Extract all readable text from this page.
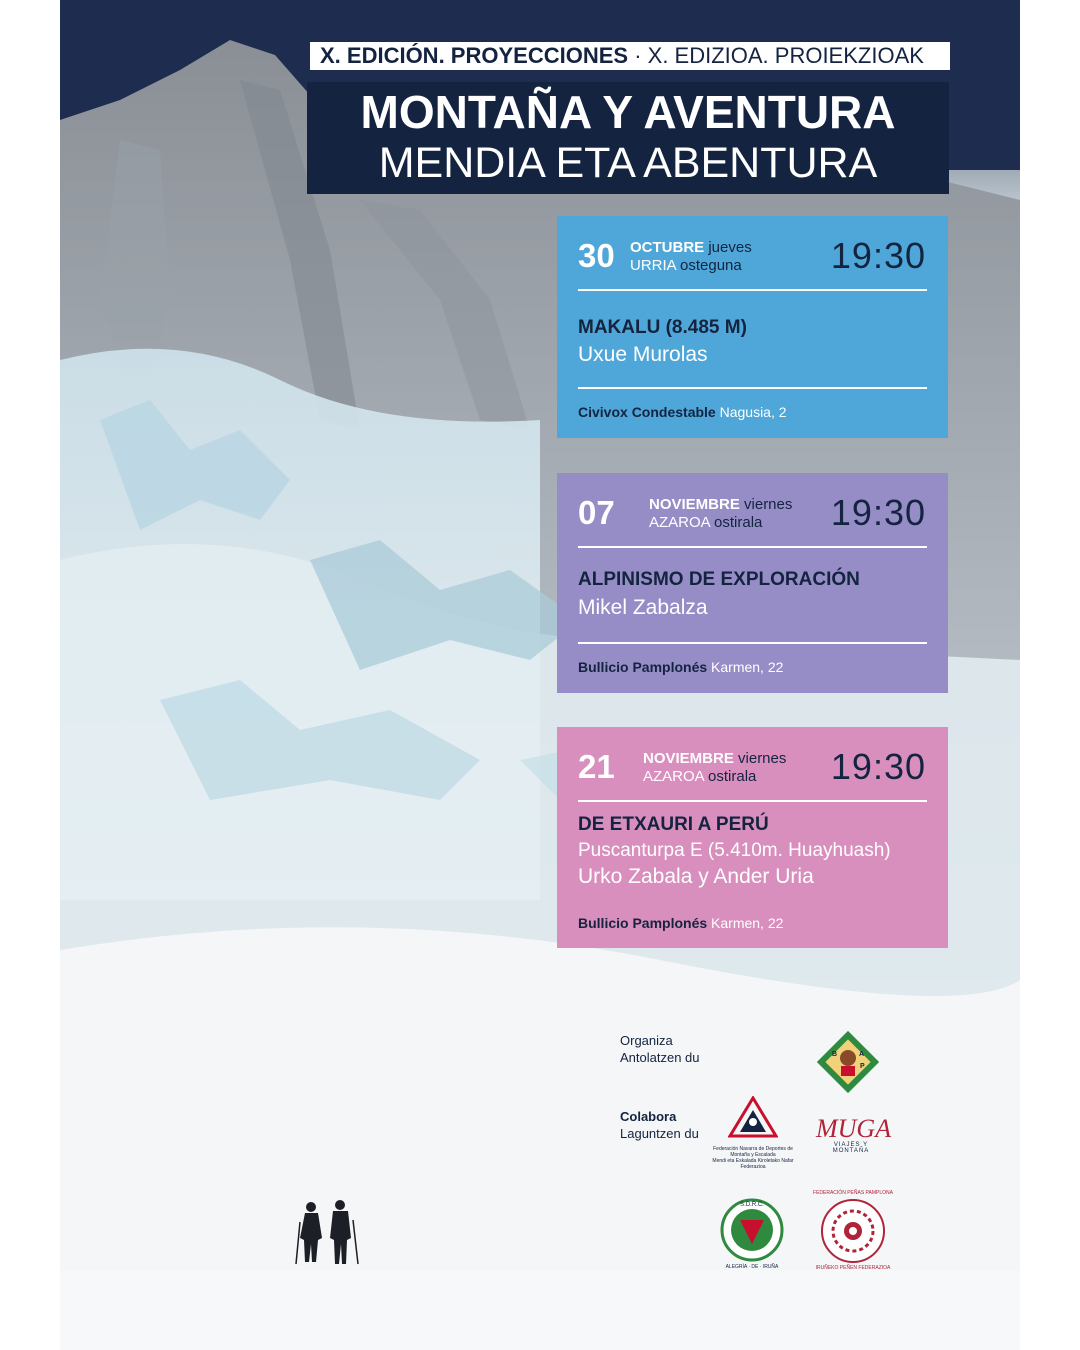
X. EDICIÓN. PROYECCIONES · X. EDIZIOA. PROIEKZIOAK
MONTAÑA Y AVENTURA
MENDIA ETA ABENTURA
30 OCTUBRE jueves
URRIA osteguna 19:30
MAKALU (8.485 M)
Uxue Murolas
Civivox Condestable Nagusia, 2
07 NOVIEMBRE viernes
AZAROA ostirala	19:30
ALPINISMO DE EXPLORACIÓN
Mikel Zabalza
Bullicio Pamplonés Karmen, 22
21 NOVIEMBRE viernes
AZAROA ostirala	19:30
DE ETXAURI A PERÚ
Puscanturpa E (5.410m. Huayhuash)
Urko Zabala y Ander Uria
Bullicio Pamplonés Karmen, 22
Organiza
Antolatzen du
Colabora
Laguntzen du
B	A
P
Federación Navarra de Deportes de Montaña y Escalada
Mendi eta Eskalada Kiroletako Nafar Federazioa
MUGA
VIAJES Y MONTAÑA
S.D.R.C.
ALEGRÍA · DE · IRUÑA
FEDERACIÓN PEÑAS PAMPLONA
IRUÑEKO PEÑEN FEDERAZIOA
